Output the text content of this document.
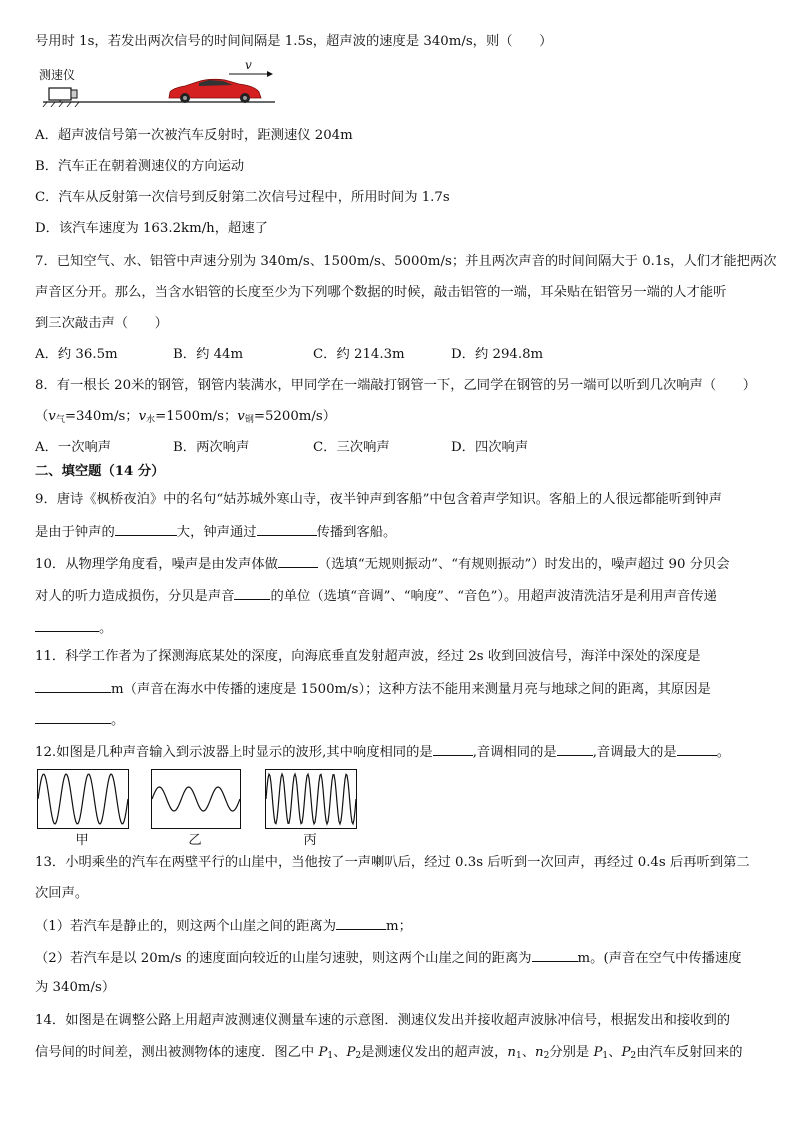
号用时 1s，若发出两次信号的时间间隔是 1.5s，超声波的速度是 340m/s，则（　　）
测速仪
v
A．超声波信号第一次被汽车反射时，距测速仪 204m
B．汽车正在朝着测速仪的方向运动
C．汽车从反射第一次信号到反射第二次信号过程中，所用时间为 1.7s
D．该汽车速度为 163.2km/h，超速了
7．已知空气、水、铝管中声速分别为 340m/s、1500m/s、5000m/s；并且两次声音的时间间隔大于 0.1s，人们才能把两次
声音区分开。那么，当含水铝管的长度至少为下列哪个数据的时候，敲击铝管的一端，耳朵贴在铝管另一端的人才能听
到三次敲击声（　　）
A．约 36.5m	B．约 44m	C．约 214.3m	D．约 294.8m
8．有一根长 20米的钢管，钢管内装满水，甲同学在一端敲打钢管一下，乙同学在钢管的另一端可以听到几次响声（　　）
（$v_气=340m/s$；$v_水=1500m/s$；$v_钢=5200m/s$）
A．一次响声	B．两次响声	C．三次响声	D．四次响声
二、填空题（14 分）
9．唐诗《枫桥夜泊》中的名句“姑苏城外寒山寺，夜半钟声到客船”中包含着声学知识。客船上的人很远都能听到钟声
是由于钟声的	大，钟声通过	传播到客船。
10．从物理学角度看，噪声是由发声体做	（选填“无规则振动”、“有规则振动”）时发出的，噪声超过 90 分贝会
对人的听力造成损伤，分贝是声音	的单位（选填“音调”、“响度”、“音色”）。用超声波清洗洁牙是利用声音传递
。
11．科学工作者为了探测海底某处的深度，向海底垂直发射超声波，经过 2s 收到回波信号，海洋中深处的深度是
m（声音在海水中传播的速度是 1500m/s）；这种方法不能用来测量月亮与地球之间的距离，其原因是
。
12.如图是几种声音输入到示波器上时显示的波形,其中响度相同的是	,音调相同的是	,音调最大的是	。
甲	乙	丙
13．小明乘坐的汽车在两壁平行的山崖中，当他按了一声喇叭后，经过 0.3s 后听到一次回声，再经过 0.4s 后再听到第二
次回声。
（1）若汽车是静止的，则这两个山崖之间的距离为	m；
（2）若汽车是以 20m/s 的速度面向较近的山崖匀速驶，则这两个山崖之间的距离为	m。(声音在空气中传播速度
为 340m/s）
14．如图是在调整公路上用超声波测速仪测量车速的示意图．测速仪发出并接收超声波脉冲信号，根据发出和接收到的
信号间的时间差，测出被测物体的速度．图乙中 $P_1$、$P_2$是测速仪发出的超声波，$n_1$、$n_2$分别是 $P_1$、$P_2$由汽车反射回来的
